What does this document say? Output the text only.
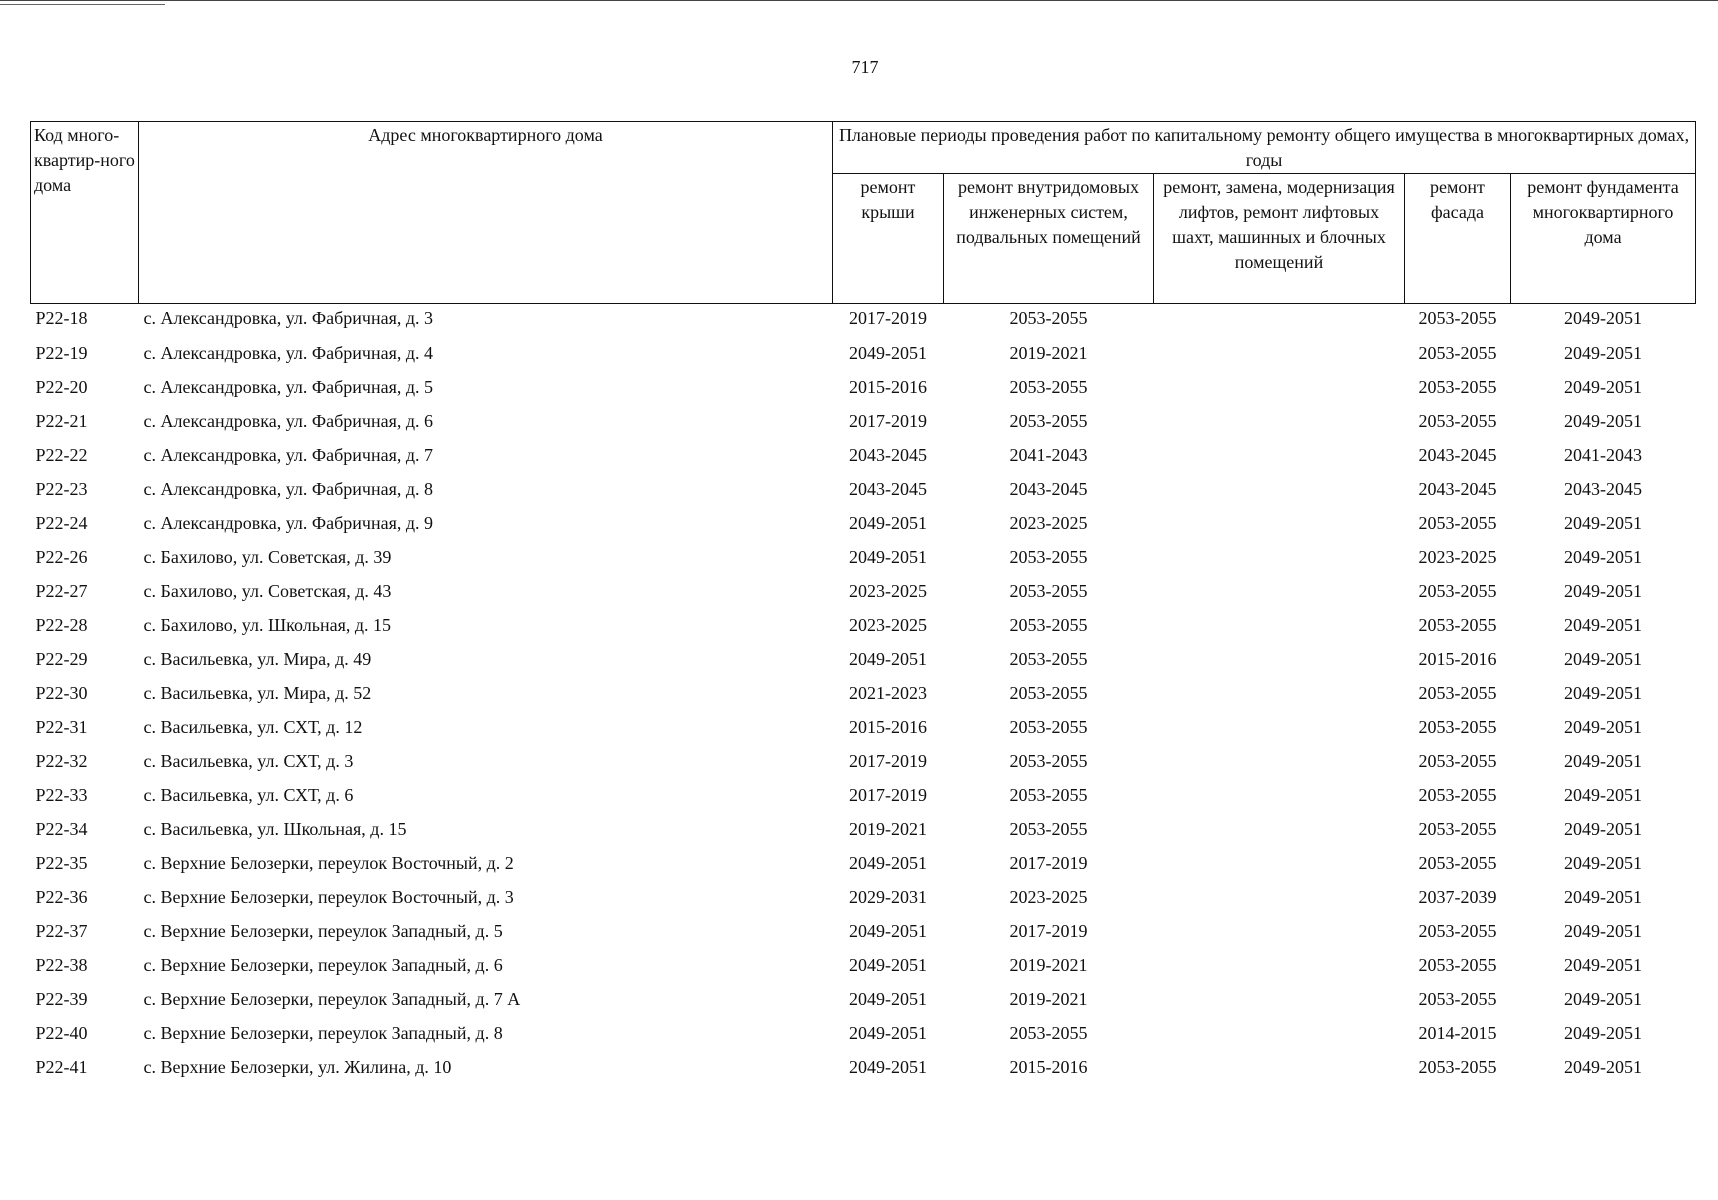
717
Код много-квартир-ного дома	Адрес многоквартирного дома	Плановые периоды проведения работ по капитальному ремонту общего имущества в многоквартирных домах, годы				
		ремонт крыши	ремонт внутридомовых инженерных систем, подвальных помещений	ремонт, замена, модернизация лифтов, ремонт лифтовых шахт, машинных и блочных помещений	ремонт фасада	ремонт фундамента многоквартирного дома
P22-18	с. Александровка, ул. Фабричная, д. 3	2017-2019	2053-2055		2053-2055	2049-2051
P22-19	с. Александровка, ул. Фабричная, д. 4	2049-2051	2019-2021		2053-2055	2049-2051
P22-20	с. Александровка, ул. Фабричная, д. 5	2015-2016	2053-2055		2053-2055	2049-2051
P22-21	с. Александровка, ул. Фабричная, д. 6	2017-2019	2053-2055		2053-2055	2049-2051
P22-22	с. Александровка, ул. Фабричная, д. 7	2043-2045	2041-2043		2043-2045	2041-2043
P22-23	с. Александровка, ул. Фабричная, д. 8	2043-2045	2043-2045		2043-2045	2043-2045
P22-24	с. Александровка, ул. Фабричная, д. 9	2049-2051	2023-2025		2053-2055	2049-2051
P22-26	с. Бахилово, ул. Советская, д. 39	2049-2051	2053-2055		2023-2025	2049-2051
P22-27	с. Бахилово, ул. Советская, д. 43	2023-2025	2053-2055		2053-2055	2049-2051
P22-28	с. Бахилово, ул. Школьная, д. 15	2023-2025	2053-2055		2053-2055	2049-2051
P22-29	с. Васильевка, ул. Мира, д. 49	2049-2051	2053-2055		2015-2016	2049-2051
P22-30	с. Васильевка, ул. Мира, д. 52	2021-2023	2053-2055		2053-2055	2049-2051
P22-31	с. Васильевка, ул. СХТ, д. 12	2015-2016	2053-2055		2053-2055	2049-2051
P22-32	с. Васильевка, ул. СХТ, д. 3	2017-2019	2053-2055		2053-2055	2049-2051
P22-33	с. Васильевка, ул. СХТ, д. 6	2017-2019	2053-2055		2053-2055	2049-2051
P22-34	с. Васильевка, ул. Школьная, д. 15	2019-2021	2053-2055		2053-2055	2049-2051
P22-35	с. Верхние Белозерки, переулок Восточный, д. 2	2049-2051	2017-2019		2053-2055	2049-2051
P22-36	с. Верхние Белозерки, переулок Восточный, д. 3	2029-2031	2023-2025		2037-2039	2049-2051
P22-37	с. Верхние Белозерки, переулок Западный, д. 5	2049-2051	2017-2019		2053-2055	2049-2051
P22-38	с. Верхние Белозерки, переулок Западный, д. 6	2049-2051	2019-2021		2053-2055	2049-2051
P22-39	с. Верхние Белозерки, переулок Западный, д. 7 А	2049-2051	2019-2021		2053-2055	2049-2051
P22-40	с. Верхние Белозерки, переулок Западный, д. 8	2049-2051	2053-2055		2014-2015	2049-2051
P22-41	с. Верхние Белозерки, ул. Жилина, д. 10	2049-2051	2015-2016		2053-2055	2049-2051
